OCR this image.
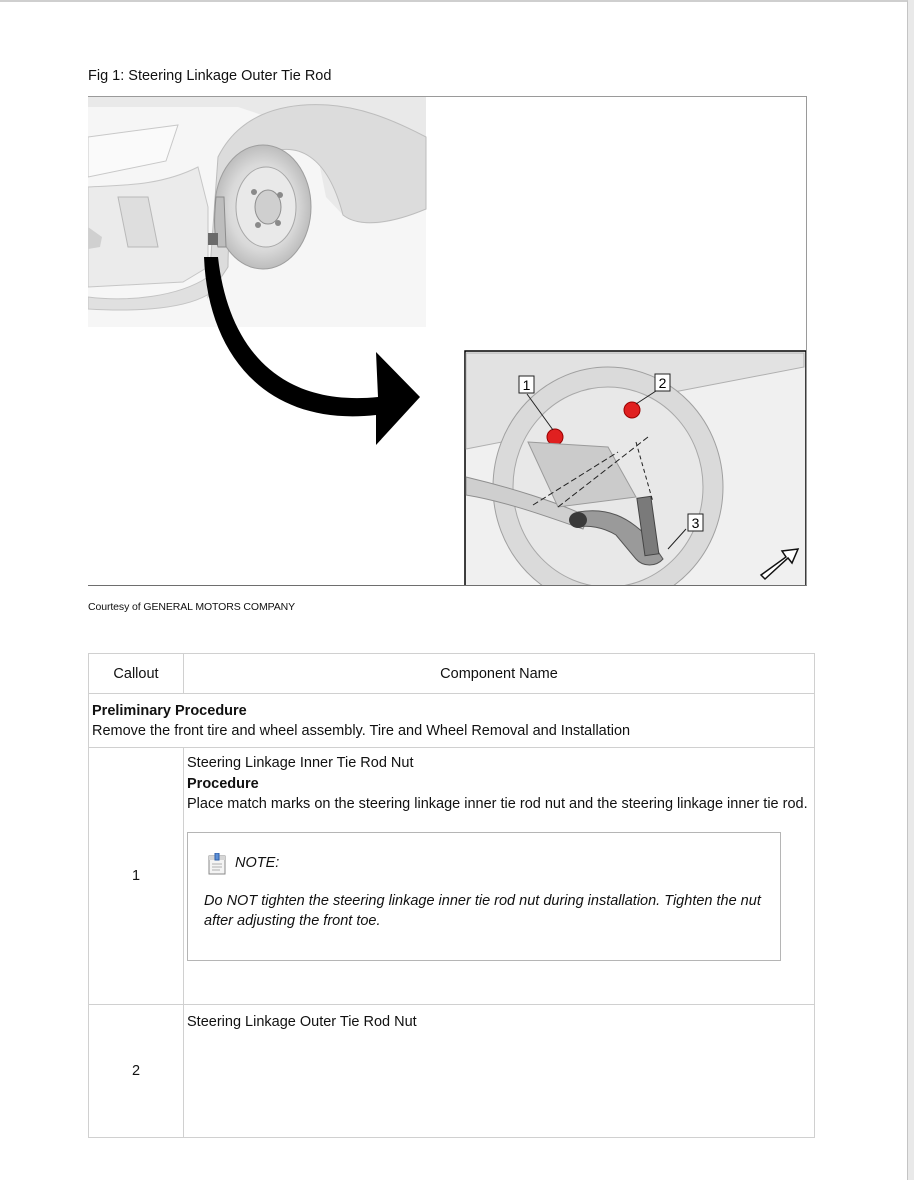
Fig 1: Steering Linkage Outer Tie Rod
1	2
3
Courtesy of GENERAL MOTORS COMPANY
Callout	Component Name

Preliminary Procedure
Remove the front tire and wheel assembly. Tire and Wheel Removal and Installation	

1	Steering Linkage Inner Tie Rod Nut
Procedure
Place match marks on the steering linkage inner tie rod nut and the steering linkage inner tie rod.
NOTE:
Do NOT tighten the steering linkage inner tie rod nut during installation. Tighten the nut after adjusting the front toe.

2	Steering Linkage Outer Tie Rod Nut
